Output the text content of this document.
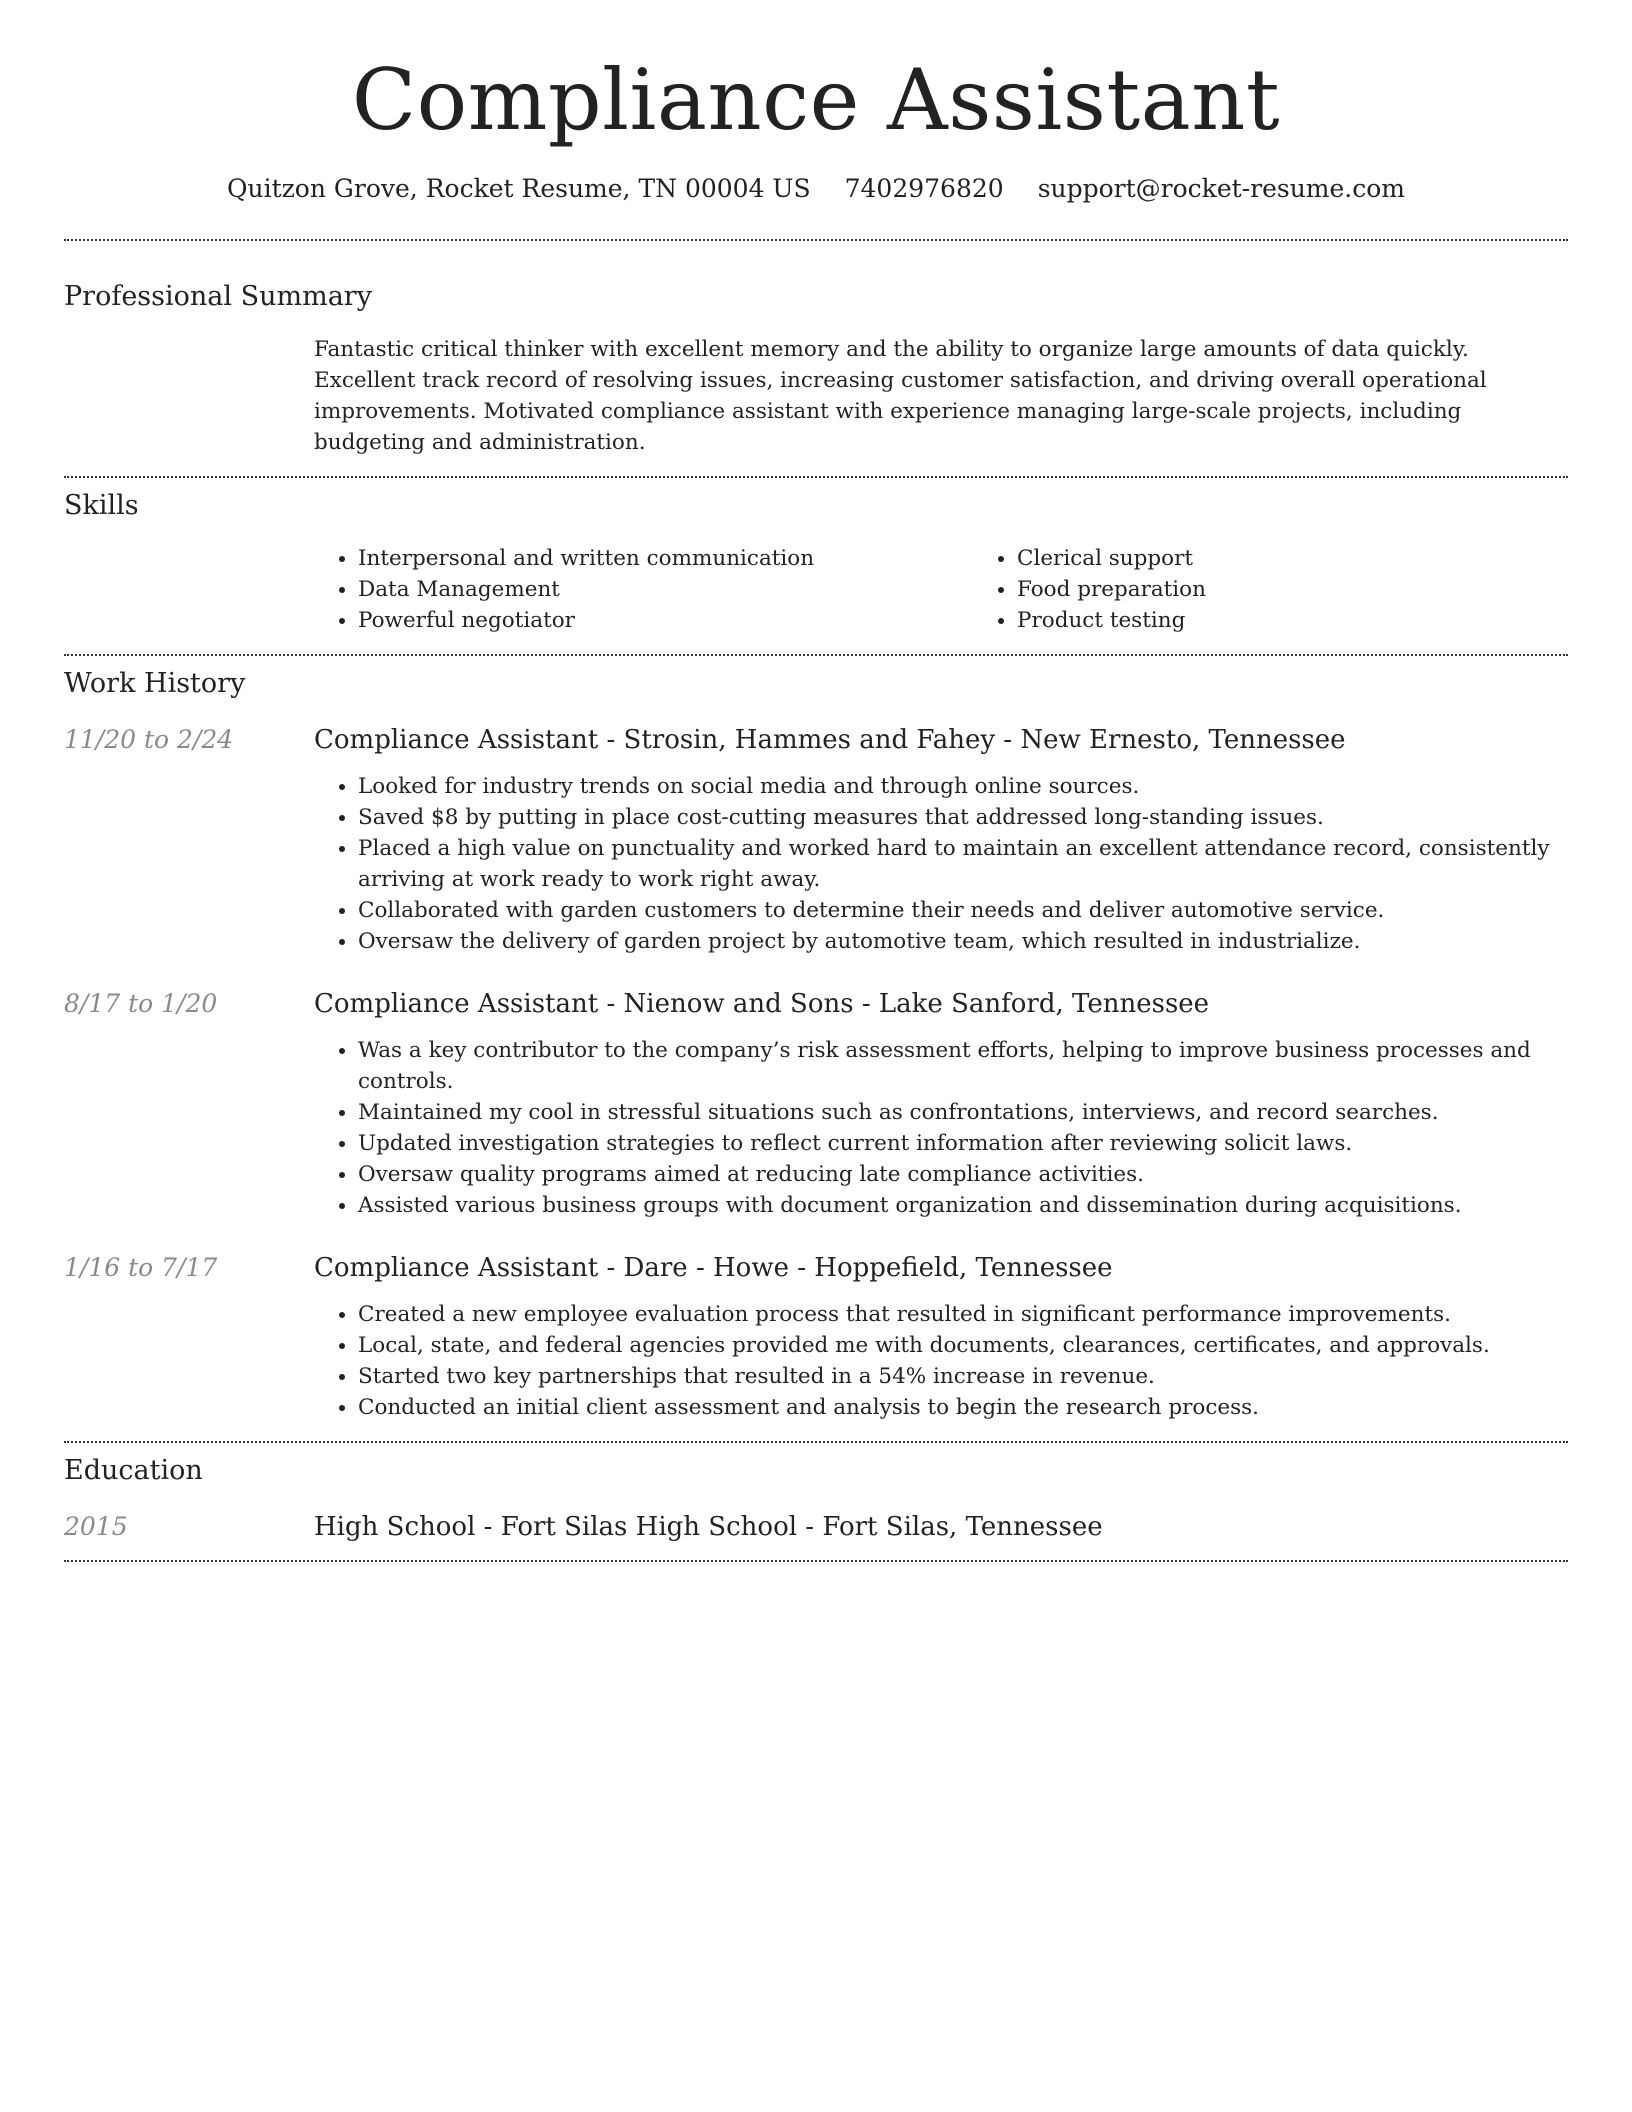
Compliance Assistant
Quitzon Grove, Rocket Resume, TN 00004 US 7402976820 support@rocket-resume.com
Professional Summary
Fantastic critical thinker with excellent memory and the ability to organize large amounts of data quickly. Excellent track record of resolving issues, increasing customer satisfaction, and driving overall operational improvements. Motivated compliance assistant with experience managing large-scale projects, including budgeting and administration.
Skills
• Interpersonal and written communication
• Data Management
• Powerful negotiator
• Clerical support
• Food preparation
• Product testing
Work History
11/20 to 2/24	Compliance Assistant - Strosin, Hammes and Fahey - New Ernesto, Tennessee
• Looked for industry trends on social media and through online sources.
• Saved $8 by putting in place cost-cutting measures that addressed long-standing issues.
• Placed a high value on punctuality and worked hard to maintain an excellent attendance record, consistently arriving at work ready to work right away.
• Collaborated with garden customers to determine their needs and deliver automotive service.
• Oversaw the delivery of garden project by automotive team, which resulted in industrialize.
8/17 to 1/20	Compliance Assistant - Nienow and Sons - Lake Sanford, Tennessee
• Was a key contributor to the company’s risk assessment efforts, helping to improve business processes and controls.
• Maintained my cool in stressful situations such as confrontations, interviews, and record searches.
• Updated investigation strategies to reflect current information after reviewing solicit laws.
• Oversaw quality programs aimed at reducing late compliance activities.
• Assisted various business groups with document organization and dissemination during acquisitions.
1/16 to 7/17	Compliance Assistant - Dare - Howe - Hoppefield, Tennessee
• Created a new employee evaluation process that resulted in significant performance improvements.
• Local, state, and federal agencies provided me with documents, clearances, certificates, and approvals.
• Started two key partnerships that resulted in a 54% increase in revenue.
• Conducted an initial client assessment and analysis to begin the research process.
Education
2015	High School - Fort Silas High School - Fort Silas, Tennessee
